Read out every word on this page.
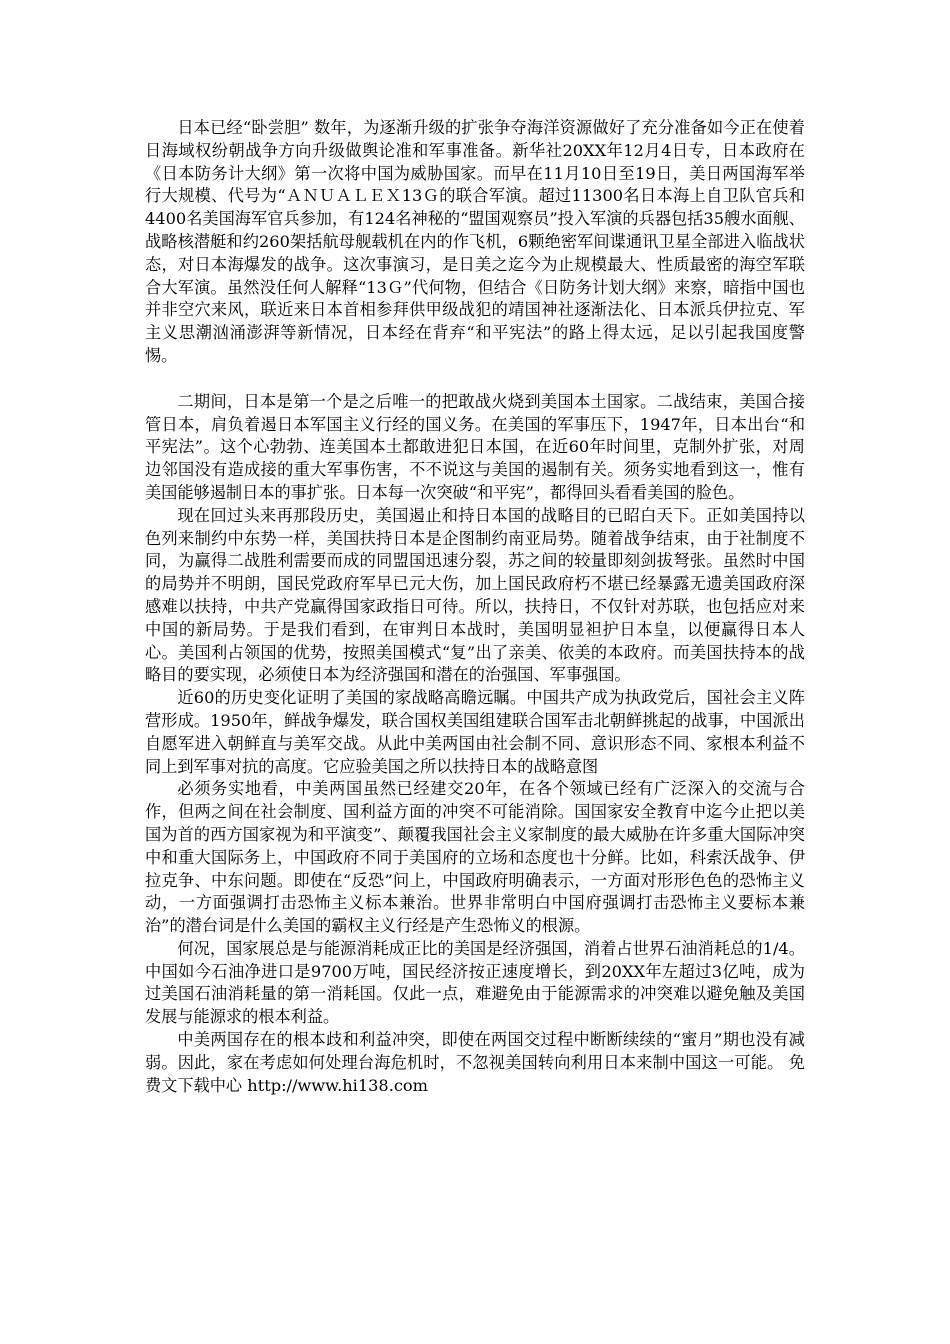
日本已经“卧尝胆” 数年，为逐渐升级的扩张争夺海洋资源做好了充分准备如今正在使着日海域权纷朝战争方向升级做舆论准和军事准备。新华社20XX年12月4日专，日本政府在《日本防务计大纲》第一次将中国为威胁国家。而早在11月10日至19日，美日两国海军举行大规模、代号为“ＡＮＵＡＬＥＸ13Ｇ的联合军演。超过11300名日本海上自卫队官兵和4400名美国海军官兵参加，有124名神秘的“盟国观察员”投入军演的兵器包括35艘水面舰、战略核潜艇和约260架括航母舰载机在内的作飞机，6颗绝密军间谍通讯卫星全部进入临战状态，对日本海爆发的战争。这次事演习，是日美之迄今为止规模最大、性质最密的海空军联合大军演。虽然没任何人解释“13Ｇ”代何物，但结合《日防务计划大纲》来察，暗指中国也并非空穴来风，联近来日本首相参拜供甲级战犯的靖国神社逐渐法化、日本派兵伊拉克、军主义思潮汹涌澎湃等新情况，日本经在背弃“和平宪法”的路上得太远，足以引起我国度警惕。

二期间，日本是第一个是之后唯一的把敢战火烧到美国本土国家。二战结束，美国合接管日本，肩负着遏日本军国主义行经的国义务。在美国的军事压下，1947年，日本出台“和平宪法”。这个心勃勃、连美国本土都敢进犯日本国，在近60年时间里，克制外扩张，对周边邻国没有造成接的重大军事伤害，不不说这与美国的遏制有关。须务实地看到这一，惟有美国能够遏制日本的事扩张。日本每一次突破“和平宪”，都得回头看看美国的脸色。

现在回过头来再那段历史，美国遏止和持日本国的战略目的已昭白天下。正如美国持以色列来制约中东势一样，美国扶持日本是企图制约南亚局势。随着战争结束，由于社制度不同，为赢得二战胜利需要而成的同盟国迅速分裂，苏之间的较量即刻剑拔弩张。虽然时中国的局势并不明朗，国民党政府军早已元大伤，加上国民政府朽不堪已经暴露无遗美国政府深感难以扶持，中共产党赢得国家政指日可待。所以，扶持日，不仅针对苏联，也包括应对来中国的新局势。于是我们看到，在审判日本战时，美国明显袒护日本皇，以便赢得日本人心。美国利占领国的优势，按照美国模式“复”出了亲美、依美的本政府。而美国扶持本的战略目的要实现，必须使日本为经济强国和潜在的治强国、军事强国。

近60的历史变化证明了美国的家战略高瞻远瞩。中国共产成为执政党后，国社会主义阵营形成。1950年，鲜战争爆发，联合国权美国组建联合国军击北朝鲜挑起的战事，中国派出自愿军进入朝鲜直与美军交战。从此中美两国由社会制不同、意识形态不同、家根本利益不同上到军事对抗的高度。它应验美国之所以扶持日本的战略意图

必须务实地看，中美两国虽然已经建交20年，在各个领域已经有广泛深入的交流与合作，但两之间在社会制度、国利益方面的冲突不可能消除。国国家安全教育中迄今止把以美国为首的西方国家视为和平演变”、颠覆我国社会主义家制度的最大威胁在许多重大国际冲突中和重大国际务上，中国政府不同于美国府的立场和态度也十分鲜。比如，科索沃战争、伊拉克争、中东问题。即使在“反恐”问上，中国政府明确表示，一方面对形形色色的恐怖主义动，一方面强调打击恐怖主义标本兼治。世界非常明白中国府强调打击恐怖主义要标本兼治”的潜台词是什么美国的霸权主义行经是产生恐怖义的根源。

何况，国家展总是与能源消耗成正比的美国是经济强国，消着占世界石油消耗总的1/4。中国如今石油净进口是9700万吨，国民经济按正速度增长，到20XX年左超过3亿吨，成为过美国石油消耗量的第一消耗国。仅此一点，难避免由于能源需求的冲突难以避免触及美国发展与能源求的根本利益。

中美两国存在的根本歧和利益冲突，即使在两国交过程中断断续续的“蜜月”期也没有减弱。因此，家在考虑如何处理台海危机时，不忽视美国转向利用日本来制中国这一可能。 免费文下载中心 http://www.hi138.com
